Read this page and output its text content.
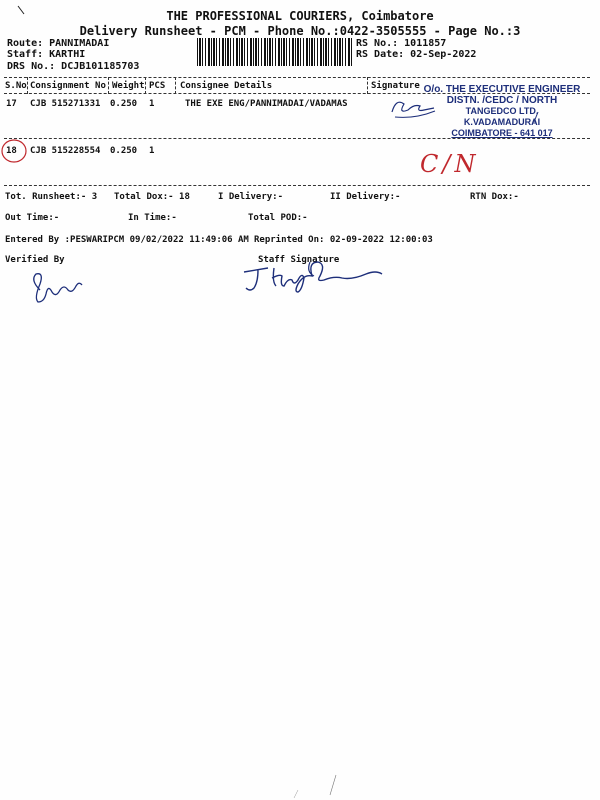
THE PROFESSIONAL COURIERS, Coimbatore
Delivery Runsheet - PCM - Phone No.:0422-3505555 - Page No.:3
Route: PANNIMADAI
Staff: KARTHI
DRS No.: DCJB101185703
RS No.: 1011857
RS Date: 02-Sep-2022
S.No Consignment No Weight PCS Consignee Details	Signature
17 CJB 515271331 0.250 1	THE EXE ENG/PANNIMADAI/VADAMAS
18 CJB 515228554 0.250 1
O/o. THE EXECUTIVE ENGINEER
DISTN. /CEDC / NORTH
TANGEDCO LTD.
K.VADAMADURAI
COIMBATORE - 641 017
C/N
Tot. Runsheet:- 3 Total Dox:- 18	I Delivery:-	II Delivery:-	RTN Dox:-
Out Time:-	In Time:-	Total POD:-
Entered By :PESWARIPCM 09/02/2022 11:49:06 AM Reprinted On: 02-09-2022 12:00:03
Verified By	Staff Signature
